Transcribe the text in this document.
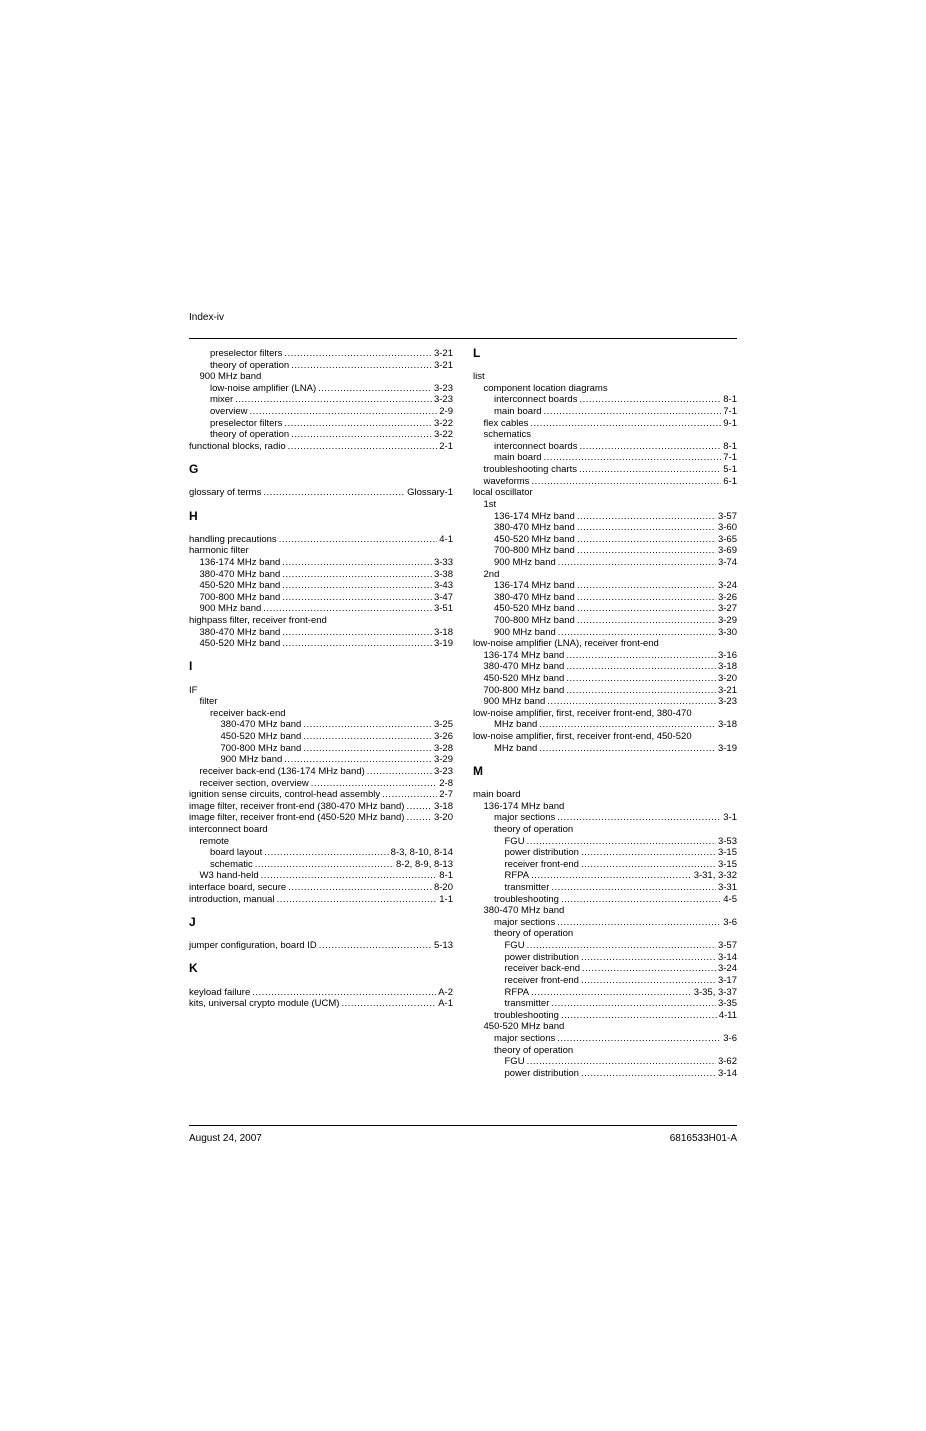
Index-iv
preselector filters .....	3-21
theory of operation .....	3-21
900 MHz band
low-noise amplifier (LNA) .....	3-23
mixer .....	3-23
overview .....	2-9
preselector filters .....	3-22
theory of operation .....	3-22
functional blocks, radio .....	2-1
G
glossary of terms .....	Glossary-1
H
handling precautions .....	4-1
harmonic filter
136-174 MHz band .....	3-33
380-470 MHz band .....	3-38
450-520 MHz band .....	3-43
700-800 MHz band .....	3-47
900 MHz band .....	3-51
highpass filter, receiver front-end
380-470 MHz band .....	3-18
450-520 MHz band .....	3-19
I
IF
filter
receiver back-end
380-470 MHz band .....	3-25
450-520 MHz band .....	3-26
700-800 MHz band .....	3-28
900 MHz band .....	3-29
receiver back-end (136-174 MHz band) .....	3-23
receiver section, overview .....	2-8
ignition sense circuits, control-head assembly .....	2-7
image filter, receiver front-end (380-470 MHz band) .....	3-18
image filter, receiver front-end (450-520 MHz band) .....	3-20
interconnect board
remote
board layout .....	8-3, 8-10, 8-14
schematic .....	8-2, 8-9, 8-13
W3 hand-held .....	8-1
interface board, secure .....	8-20
introduction, manual .....	1-1
J
jumper configuration, board ID .....	5-13
K
keyload failure .....	A-2
kits, universal crypto module (UCM) .....	A-1
L
list
component location diagrams
interconnect boards .....	8-1
main board .....	7-1
flex cables .....	9-1
schematics
interconnect boards .....	8-1
main board .....	7-1
troubleshooting charts .....	5-1
waveforms .....	6-1
local oscillator
1st
136-174 MHz band .....	3-57
380-470 MHz band .....	3-60
450-520 MHz band .....	3-65
700-800 MHz band .....	3-69
900 MHz band .....	3-74
2nd
136-174 MHz band .....	3-24
380-470 MHz band .....	3-26
450-520 MHz band .....	3-27
700-800 MHz band .....	3-29
900 MHz band .....	3-30
low-noise amplifier (LNA), receiver front-end
136-174 MHz band .....	3-16
380-470 MHz band .....	3-18
450-520 MHz band .....	3-20
700-800 MHz band .....	3-21
900 MHz band .....	3-23
low-noise amplifier, first, receiver front-end, 380-470
MHz band .....	3-18
low-noise amplifier, first, receiver front-end, 450-520
MHz band .....	3-19
M
main board
136-174 MHz band
major sections .....	3-1
theory of operation
FGU .....	3-53
power distribution .....	3-15
receiver front-end .....	3-15
RFPA .....	3-31, 3-32
transmitter .....	3-31
troubleshooting .....	4-5
380-470 MHz band
major sections .....	3-6
theory of operation
FGU .....	3-57
power distribution .....	3-14
receiver back-end .....	3-24
receiver front-end .....	3-17
RFPA .....	3-35, 3-37
transmitter .....	3-35
troubleshooting .....	4-11
450-520 MHz band
major sections .....	3-6
theory of operation
FGU .....	3-62
power distribution .....	3-14
August 24, 2007	6816533H01-A
